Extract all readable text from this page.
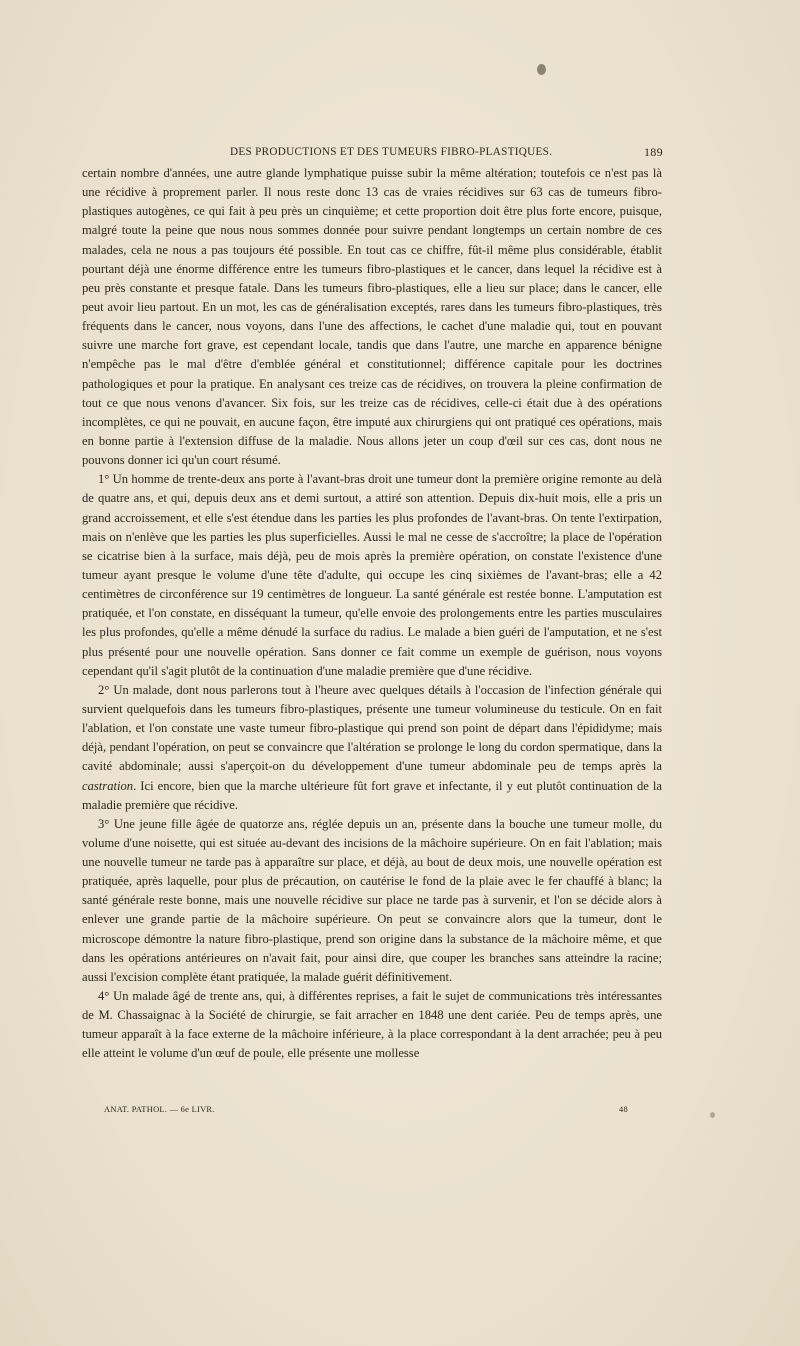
DES PRODUCTIONS ET DES TUMEURS FIBRO-PLASTIQUES.	189

certain nombre d'années, une autre glande lymphatique puisse subir la même altération; toutefois ce n'est pas là une récidive à proprement parler. Il nous reste donc 13 cas de vraies récidives sur 63 cas de tumeurs fibro-plastiques autogènes, ce qui fait à peu près un cinquième; et cette proportion doit être plus forte encore, puisque, malgré toute la peine que nous nous sommes donnée pour suivre pendant longtemps un certain nombre de ces malades, cela ne nous a pas toujours été possible. En tout cas ce chiffre, fût-il même plus considérable, établit pourtant déjà une énorme différence entre les tumeurs fibro-plastiques et le cancer, dans lequel la récidive est à peu près constante et presque fatale. Dans les tumeurs fibro-plastiques, elle a lieu sur place; dans le cancer, elle peut avoir lieu partout. En un mot, les cas de généralisation exceptés, rares dans les tumeurs fibro-plastiques, très fréquents dans le cancer, nous voyons, dans l'une des affections, le cachet d'une maladie qui, tout en pouvant suivre une marche fort grave, est cependant locale, tandis que dans l'autre, une marche en apparence bénigne n'empêche pas le mal d'être d'emblée général et constitutionnel; différence capitale pour les doctrines pathologiques et pour la pratique. En analysant ces treize cas de récidives, on trouvera la pleine confirmation de tout ce que nous venons d'avancer. Six fois, sur les treize cas de récidives, celle-ci était due à des opérations incomplètes, ce qui ne pouvait, en aucune façon, être imputé aux chirurgiens qui ont pratiqué ces opérations, mais en bonne partie à l'extension diffuse de la maladie. Nous allons jeter un coup d'œil sur ces cas, dont nous ne pouvons donner ici qu'un court résumé.

1° Un homme de trente-deux ans porte à l'avant-bras droit une tumeur dont la première origine remonte au delà de quatre ans, et qui, depuis deux ans et demi surtout, a attiré son attention. Depuis dix-huit mois, elle a pris un grand accroissement, et elle s'est étendue dans les parties les plus profondes de l'avant-bras. On tente l'extirpation, mais on n'enlève que les parties les plus superficielles. Aussi le mal ne cesse de s'accroître; la place de l'opération se cicatrise bien à la surface, mais déjà, peu de mois après la première opération, on constate l'existence d'une tumeur ayant presque le volume d'une tête d'adulte, qui occupe les cinq sixièmes de l'avant-bras; elle a 42 centimètres de circonférence sur 19 centimètres de longueur. La santé générale est restée bonne. L'amputation est pratiquée, et l'on constate, en disséquant la tumeur, qu'elle envoie des prolongements entre les parties musculaires les plus profondes, qu'elle a même dénudé la surface du radius. Le malade a bien guéri de l'amputation, et ne s'est plus présenté pour une nouvelle opération. Sans donner ce fait comme un exemple de guérison, nous voyons cependant qu'il s'agit plutôt de la continuation d'une maladie première que d'une récidive.

2° Un malade, dont nous parlerons tout à l'heure avec quelques détails à l'occasion de l'infection générale qui survient quelquefois dans les tumeurs fibro-plastiques, présente une tumeur volumineuse du testicule. On en fait l'ablation, et l'on constate une vaste tumeur fibro-plastique qui prend son point de départ dans l'épididyme; mais déjà, pendant l'opération, on peut se convaincre que l'altération se prolonge le long du cordon spermatique, dans la cavité abdominale; aussi s'aperçoit-on du développement d'une tumeur abdominale peu de temps après la castration. Ici encore, bien que la marche ultérieure fût fort grave et infectante, il y eut plutôt continuation de la maladie première que récidive.

3° Une jeune fille âgée de quatorze ans, réglée depuis un an, présente dans la bouche une tumeur molle, du volume d'une noisette, qui est située au-devant des incisions de la mâchoire supérieure. On en fait l'ablation; mais une nouvelle tumeur ne tarde pas à apparaître sur place, et déjà, au bout de deux mois, une nouvelle opération est pratiquée, après laquelle, pour plus de précaution, on cautérise le fond de la plaie avec le fer chauffé à blanc; la santé générale reste bonne, mais une nouvelle récidive sur place ne tarde pas à survenir, et l'on se décide alors à enlever une grande partie de la mâchoire supérieure. On peut se convaincre alors que la tumeur, dont le microscope démontre la nature fibro-plastique, prend son origine dans la substance de la mâchoire même, et que dans les opérations antérieures on n'avait fait, pour ainsi dire, que couper les branches sans atteindre la racine; aussi l'excision complète étant pratiquée, la malade guérit définitivement.

4° Un malade âgé de trente ans, qui, à différentes reprises, a fait le sujet de communications très intéressantes de M. Chassaignac à la Société de chirurgie, se fait arracher en 1848 une dent cariée. Peu de temps après, une tumeur apparaît à la face externe de la mâchoire inférieure, à la place correspondant à la dent arrachée; peu à peu elle atteint le volume d'un œuf de poule, elle présente une mollesse

ANAT. PATHOL. — 6e LIVR.	48
